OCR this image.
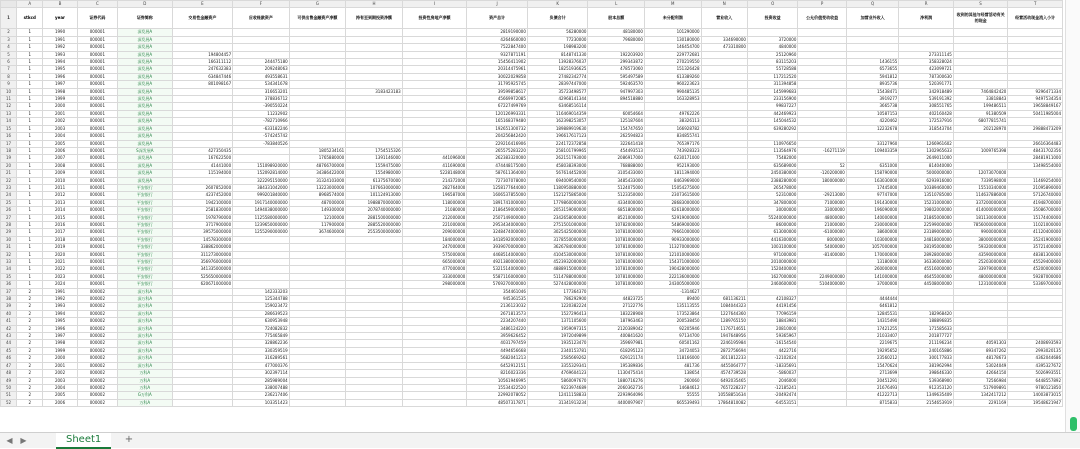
	A	B	C	D	E	F	G	H	I	J	K	L	M	N	O	P	Q	R	S	T
1	stkcd	year	证券代码	证券简称	交易性金融资产	应收账款资产	可供出售金融资产净额	持有至到期投资净额	投资性房地产净额	资产总计	负债合计	股本总额	未分配利润	营业收入	投资收益	公允价值变动收益	加营业外收入	净利润	收到的其他与经营活动有关的现金	经营活动现金流入小计
2	1	1990	000001	深发展A						2819190000	56280000	48180000	101290000							
3	1	1991	000001	深发展A						4264660000	77230000	79680000	130180000	334690000	3720000					
4	1	1992	000001	深发展A						7522847400	198983200		146454700	473310800	4840000					
5	1	1993	000001	深发展A	194804457					9327871191	8148741330	192203920	229772681		25120960			273311145		
6	1	1994	000001	深发展A	166311112	244475180				15456411902	13928376037	299343872	270219550		83115203		1436155	358328024		
7	1	1995	000001	深发展A	247632383	209248063				20314475961	18251936625	478573060	151326428		55728588		6573655	423099721		
8	1	1996	000001	深发展A	634847446	493558631				30022029858	27482342774	595497589	613389260		117212520		5941812	787300630		
9	1	1997	000001	深发展A	801098167	534341678				31795925745	28397447000	592463570	960223623		311394858		8935736	520391771		
10	1	1998	000001	深发展A		316653201		3183423183		39599858617	35723498577	947997303	990485135		145999683		15438471	342918489	7464842420	9296471334
11	1	1999	000001	深发展A		378836712				45669972085	42968141344	894518880	163328953		233156900		3919277	539191392	33818843	9497534354
12	1	2000	000001	深发展A		-390550224				67227499769	63468516114				99837227		3665738	308551765	199486511	19658849167
13	1	2001	000001	深发展A		11232902				120126993331	116469014359	60054664	49762226		442469923		10587153	402160428	91380509	50411985004
14	1	2002	000001	深发展A		-782710966				165168379480	162398253057	125187604	38326113		145044532		4220462	172537916	68077815741	
15	1	2003	000001	深发展A		-633182246				192651300732	189889919630	154747650	166928782		639280292		12232678	318543704	202128970	29888473209
16	1	2004	000001	深发展A		-574245742				204256842420	196617617123	262594823	834855741							
17	1	2005	000001	深发展A		-783840526				229216416906	224172372858	322641418	765397176		110976650		33127960	1266961602		26616364483
18	1	2006	000001	S深发展A	427350435		1805234161	1754515326		265575283220	258101799965	454493513	743928323		113564976	-16271119	109403359	1302965633	1009765398	48431702356
19	1	2007	000001	深发展A	167622500		1765880000	1391146000	441096000	262383320000	262151793000	2086917000	6230171000		75482000			2649011000		28481911000
20	1	2008	000001	深发展A	41441000	151098920000	48766700000	1559475000	411690000	474448175000	458038393000	768888000	952193000		635689000	52	6351000	814040000		13498554000
21	1	2009	000001	深发展A	115194000	152092814000	34386422000	1554980000	5228148000	587611364000	567614452000	3105433000	1811394000		2450380000	-120200000	158790000	5000000000	12073070000	
22	1	2010	000001	深发展A		322295150000	31324103000	61375670000	214372000	727307078000	694009540000	3485433000	8463969000		2388280000	180000000	163030000	6293916000	7339598000	11469254000
23	1	2011	000001	平安银行	2607852000	384331042000	13223000000	107663000000	282764000	1258177644000	1180950880000	5124075000	15054275000		265478000		17445000	10389460000	15510340000	21095890000
24	1	2012	000001	平安银行	4237452000	999201840000	8968574000	101124913000	196587000	1606537855000	1521275865000	5123350000	23073615000		52310000	-29213000	97747000	13510785000	114637886000	57126740000
25	1	2013	000001	平安银行	1942100000	1917140000000	487000000	1988870000000	118000000	1891741000000	1779860000000	4334000000	28683000000		347800000	71000000	191430000	15231000000	337200000000	41948700000
26	1	2014	000001	平安银行	2581830000	1494038000000	149300000	2078740000000	21080000	2186459000000	2053159000000	6851800000	62618000000		30000000	33000000	196090000	19802000000	414000000000	35086700000
27	1	2015	000001	平安银行	1978790000	1125580000000	12100000	2881500000000	212000000	2507149000000	2342658000000	8521000000	52919000000		55240000000	48000000	140000000	21865000000	181130000000	15174400000
28	1	2016	000001	平安银行	3717900000	1239650000000	117900000	2885520000000	221000000	2953434000000	2751501000000	10782000000	54869000000		86000000	21000000	230000000	22599000000	7856000000000	11021000000
29	1	2017	000001	平安银行	39575000000	1255290000000	3674600000	2553500000000	209000000	3248474000000	3025425000000	10781000000	79661000000		613000000	-61000000	38600000	23189000000	9900000000	41120400000
30	1	2018	000001	平安银行	14578300000				184000000	3418592000000	3178550000000	10781000000	90933000000		4416300000	8000000	103000000	24818000000	38000000000	35241900000
31	1	2019	000001	平安银行	338862000000				247000000	3939070000000	3626784000000	10781000000	113270000000		1003100000	54000000	1057000000	28195000000	59320000000	35721400000
32	1	2020	000001	平安银行	311273000000				575000000	4468514000000	4104530000000	10781000000	121010000000		971000000	-81400000	170000000	28928000000	43590000000	48381300000
33	1	2021	000001	平安银行	356976000000				665000000	4921380000000	4523932000000	10781000000	154371000000		2010000000		13180000	36336000000	25203000000	45529400000
34	1	2022	000001	平安银行	341335000000				477000000	5321514000000	4888915000000	10781000000	190428000000		1520400000		260000000	45516000000	33979000000	45200000000
35	1	2023	000001	平安银行	525650000000				333000000	5587116000000	5114788000000	10781000000	222136000000		1627000000	2249000000	141000000	46455000000	48000000000	59287000000
36	1	2024	000001	平安银行	620671000000				298000000	5769270000000	5274428000000	10781000000	243005000000		2460600000	5104000000	37000000	44508000000	12310000000	53369700000
37	2	1991	000002	深万科A		142333203				354461046	177364370		-1314627							
38	2	1992	000002	深万科A		125344788				945361535	786292900	44823725	89400	681136211	42108327		4444444			
39	2	1993	000002	深万科A		159023472				2136123032	1220382224	27122776	135113555	1084044323	44191456		6461812			
40	2	1994	000002	深万科A		286639523				2671813573	1527296413	183228908	173523864	1227644360	77096159		12845531	182968420		
41	2	1995	000002	深万科A		630953948				2234207440	1371105600	187963463	200538450	1289765150	18843981		14315490	188896835		
42	2	1996	000002	深万科A		724082832				3486124220	1959097315	2120389042	92205946	1176714651	20810000		17421255	171585633		
43	2	1997	000002	深万科A		775465849				3959626452	1972049899	400841620	97134700	1947648956	59365967		21033407	201877727		
44	2	1998	000002	深万科A		328862236				4031797459	1935123470	359697981	60501162	2246195984	-16154540		2219675	211196234	40591303	2408693593
45	2	1999	000002	深万科A		330359519				4494656668	2340153781	618295123	34724053	2872756694	4422716		19295652	240165886	89347262	2993020135
46	2	2000	000002	深万科A		316289561				5682041213	2585669262	629121174	118166000	3011812233	-12102024		23560212	300177833	48178673	4362044686
47	2	2001	000002	深万科A		477000376				6452912151	3355329341	195389836	481736	4455064777	-18335691		15470624	381962994	53024049	4395327672
48	2	2002	000002	万科A		302397114				8216023336	4769604123	1130475414	138654	4574739528	-5860037		2713699	398646330	42664150	5026993551
49	2	2003	000002	万科A		285989004				10561946995	5860097670	1880716276	260060	6492035465	2046000		20451291	539368900	72566984	6448557892
50	2	2004	000002	万科A		338007488				15534422520	9223974689	2060362716	14684612	7657228237	-12185241		21676493	912353120	517909891	9780121850
51	2	2005	000002	G万科A		236217406				22992078052	12411158833	2293964096	55555	10558851634	-20492474		41222713	1349635409	1342417212	14003873015
52	2	2006	000002	万科A		103351423				48507317871	31341913234	4400097907	665539493	17864810082	-64553151		8715833	2154653919	2291169	19548621947
◀ ▶	Sheet1	+
